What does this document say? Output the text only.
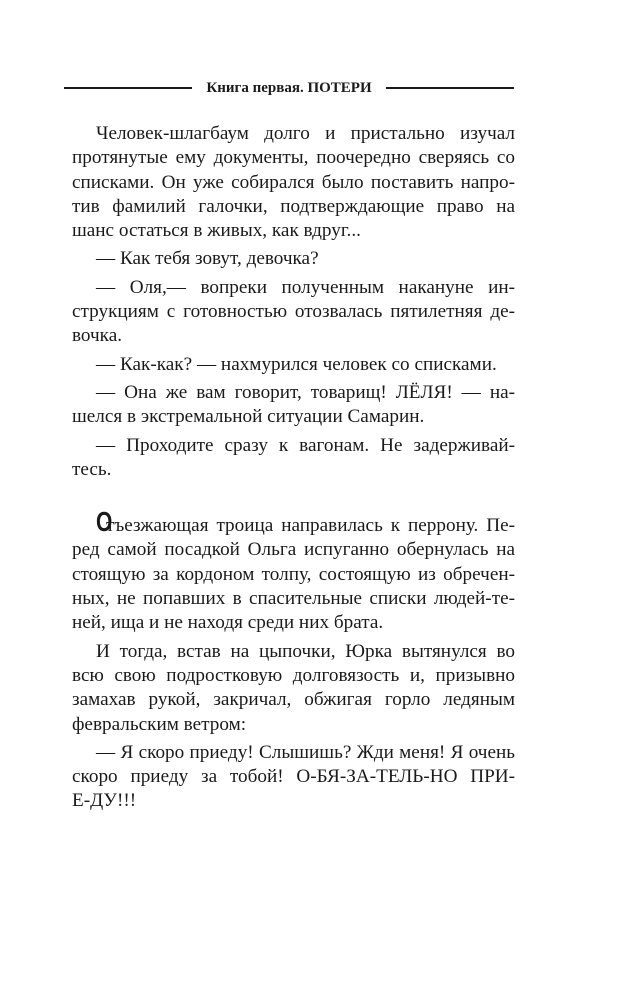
Книга первая. ПОТЕРИ
Человек-шлагбаум долго и пристально изучал
протянутые ему документы, поочередно сверяясь со
списками. Он уже собирался было поставить напро-
тив фамилий галочки, подтверждающие право на
шанс остаться в живых, как вдруг...
— Как тебя зовут, девочка?
— Оля,— вопреки полученным накануне ин-
струкциям с готовностью отозвалась пятилетняя де-
вочка.
— Как-как? — нахмурился человек со списками.
— Она же вам говорит, товарищ! ЛЁЛЯ! — на-
шелся в экстремальной ситуации Самарин.
— Проходите сразу к вагонам. Не задерживай-
тесь.
Отъезжающая троица направилась к перрону. Пе-
ред самой посадкой Ольга испуганно обернулась на
стоящую за кордоном толпу, состоящую из обречен-
ных, не попавших в спасительные списки людей-те-
ней, ища и не находя среди них брата.
И тогда, встав на цыпочки, Юрка вытянулся во
всю свою подростковую долговязость и, призывно
замахав рукой, закричал, обжигая горло ледяным
февральским ветром:
— Я скоро приеду! Слышишь? Жди меня! Я очень
скоро приеду за тобой! О-БЯ-ЗА-ТЕЛЬ-НО ПРИ-
Е-ДУ!!!
